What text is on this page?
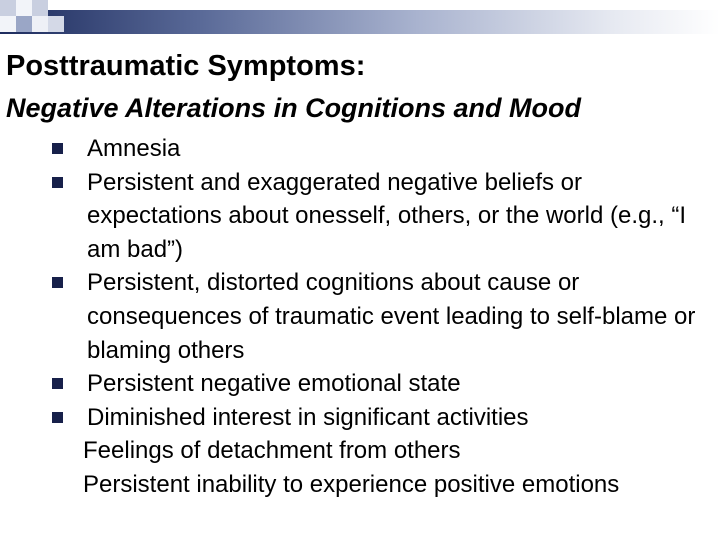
Posttraumatic Symptoms:
Negative Alterations in Cognitions and Mood
Amnesia
Persistent and exaggerated negative beliefs or expectations about onesself, others, or the world (e.g., “I am bad”)
Persistent, distorted cognitions about cause or consequences of traumatic event leading to self-blame or blaming others
Persistent negative emotional state
Diminished interest in significant activities
Feelings of detachment from others
Persistent inability to experience positive emotions
